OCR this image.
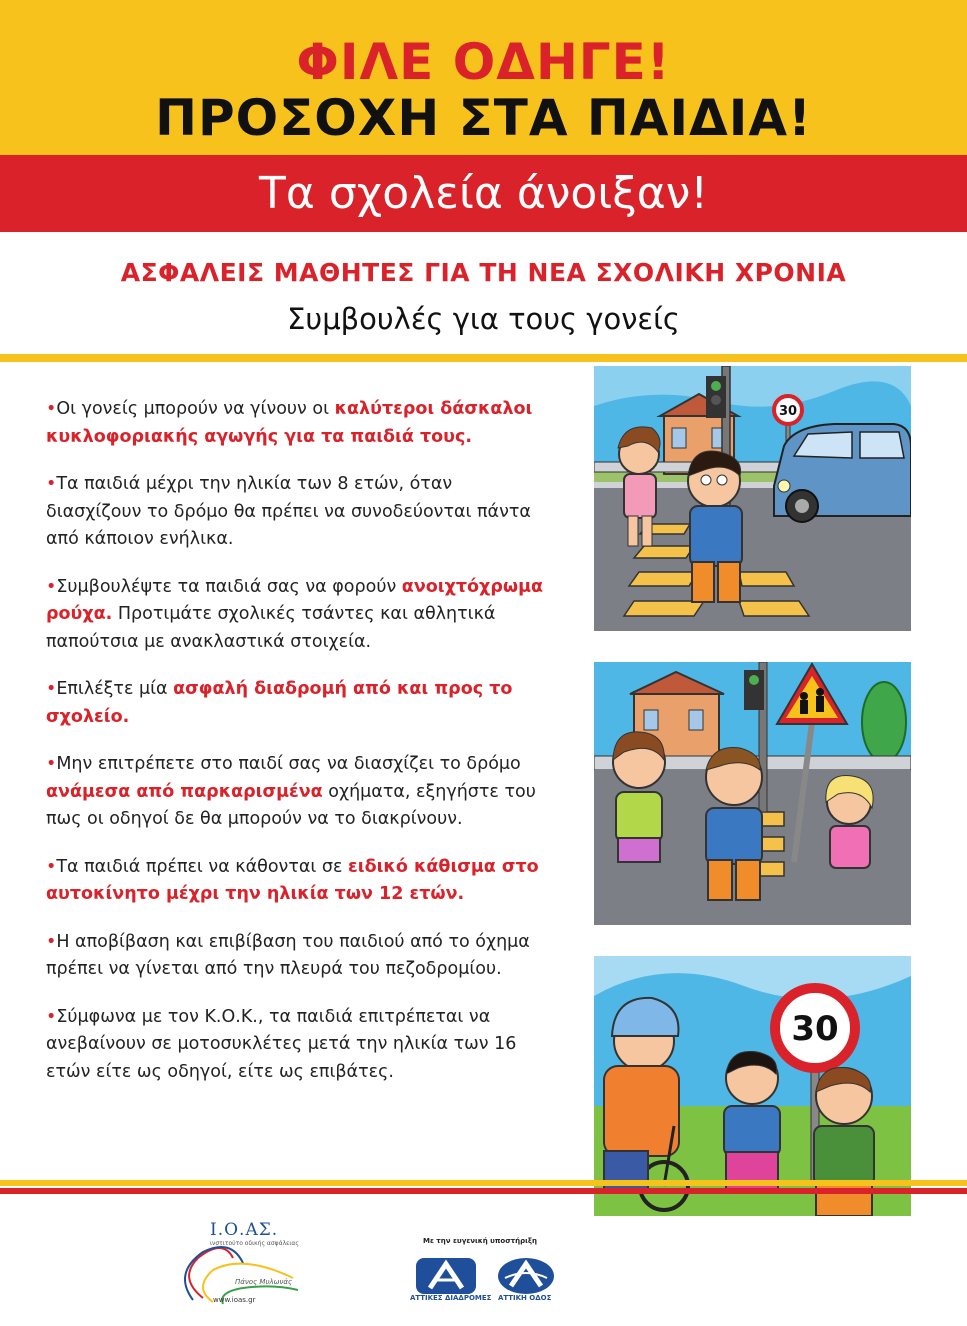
ΦΙΛΕ ΟΔΗΓΕ!
ΠΡΟΣΟΧΗ ΣΤΑ ΠΑΙΔΙΑ!
Τα σχολεία άνοιξαν!
ΑΣΦΑΛΕΙΣ ΜΑΘΗΤΕΣ ΓΙΑ ΤΗ ΝΕΑ ΣΧΟΛΙΚΗ ΧΡΟΝΙΑ
Συμβουλές για τους γονείς

•Οι γονείς μπορούν να γίνουν οι καλύτεροι δάσκαλοι κυκλοφοριακής αγωγής για τα παιδιά τους.

•Τα παιδιά μέχρι την ηλικία των 8 ετών, όταν διασχίζουν το δρόμο θα πρέπει να συνοδεύονται πάντα από κάποιον ενήλικα.

•Συμβουλέψτε τα παιδιά σας να φορούν ανοιχτόχρωμα ρούχα. Προτιμάτε σχολικές τσάντες και αθλητικά παπούτσια με ανακλαστικά στοιχεία.

•Επιλέξτε μία ασφαλή διαδρομή από και προς το σχολείο.

•Μην επιτρέπετε στο παιδί σας να διασχίζει το δρόμο ανάμεσα από παρκαρισμένα οχήματα, εξηγήστε του πως οι οδηγοί δε θα μπορούν να το διακρίνουν.

•Τα παιδιά πρέπει να κάθονται σε ειδικό κάθισμα στο αυτοκίνητο μέχρι την ηλικία των 12 ετών.

•Η αποβίβαση και επιβίβαση του παιδιού από το όχημα πρέπει να γίνεται από την πλευρά του πεζοδρομίου.

•Σύμφωνα με τον Κ.Ο.Κ., τα παιδιά επιτρέπεται να ανεβαίνουν σε μοτοσυκλέτες μετά την ηλικία των 16 ετών είτε ως οδηγοί, είτε ως επιβάτες.

30
30
Ι.Ο.ΑΣ.
ινστιτούτο οδικής ασφάλειας
Πάνος Μυλωνάς
www.ioas.gr
Με την ευγενική υποστήριξη
ΑΤΤΙΚΕΣ ΔΙΑΔΡΟΜΕΣ ΑΤΤΙΚΗ ΟΔΟΣ
